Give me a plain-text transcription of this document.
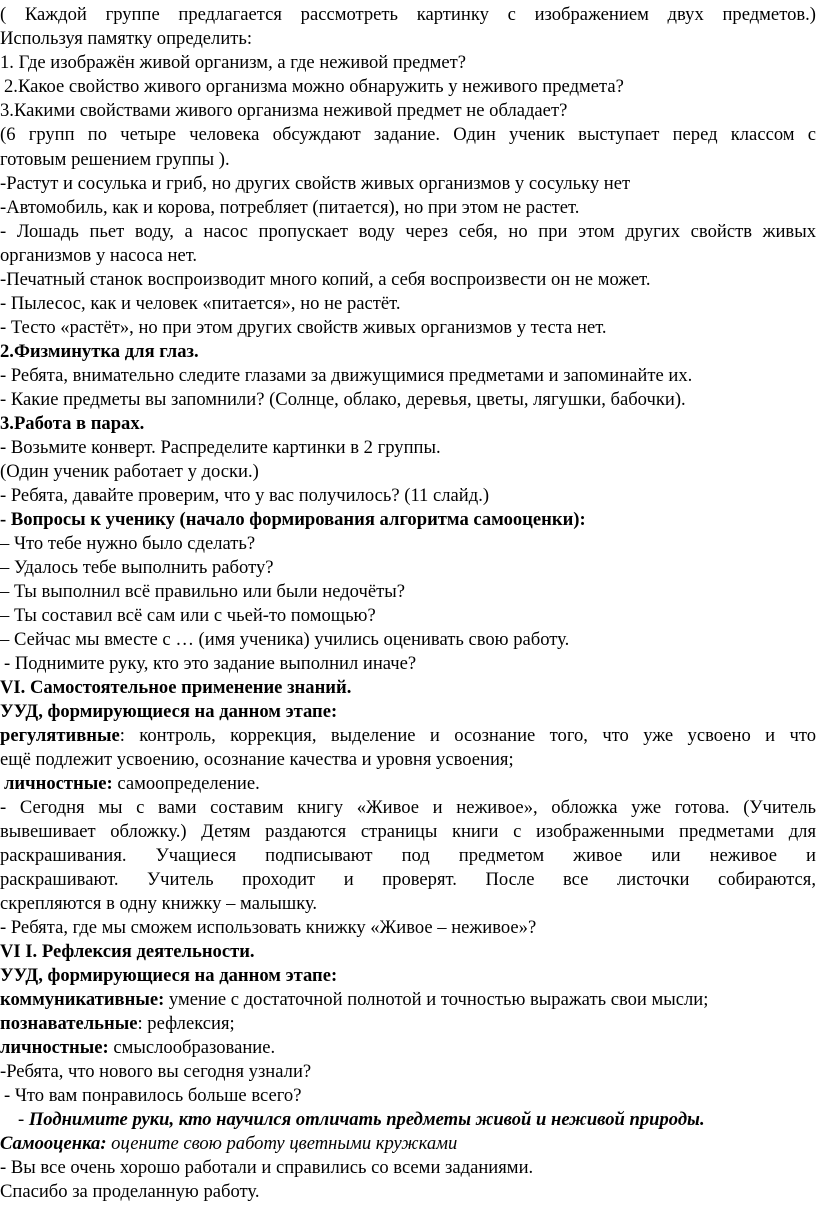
( Каждой группе предлагается рассмотреть картинку с изображением двух предметов.)
Используя памятку определить:
1. Где изображён живой организм, а где неживой предмет?
2.Какое свойство живого организма можно обнаружить у неживого предмета?
3.Какими свойствами живого организма неживой предмет не обладает?
(6 групп по четыре человека обсуждают задание. Один ученик выступает перед классом с
готовым решением группы ).
-Растут и сосулька и гриб, но других свойств живых организмов у сосульку нет
-Автомобиль, как и корова, потребляет (питается), но при этом не растет.
- Лошадь пьет воду, а насос пропускает воду через себя, но при этом других свойств живых
организмов у насоса нет.
-Печатный станок воспроизводит много копий, а себя воспроизвести он не может.
- Пылесос, как и человек «питается», но не растёт.
- Тесто «растёт», но при этом других свойств живых организмов у теста нет.
2.Физминутка для глаз.
- Ребята, внимательно следите глазами за движущимися предметами и запоминайте их.
- Какие предметы вы запомнили? (Солнце, облако, деревья, цветы, лягушки, бабочки).
3.Работа в парах.
- Возьмите конверт. Распределите картинки в 2 группы.
(Один ученик работает у доски.)
- Ребята, давайте проверим, что у вас получилось? (11 слайд.)
- Вопросы к ученику (начало формирования алгоритма самооценки):
– Что тебе нужно было сделать?
– Удалось тебе выполнить работу?
– Ты выполнил всё правильно или были недочёты?
– Ты составил всё сам или с чьей-то помощью?
– Сейчас мы вместе с … (имя ученика) учились оценивать свою работу.
- Поднимите руку, кто это задание выполнил иначе?
VI. Самостоятельное применение знаний.
УУД, формирующиеся на данном этапе:
регулятивные: контроль, коррекция, выделение и осознание того, что уже усвоено и что
ещё подлежит усвоению, осознание качества и уровня усвоения;
личностные: самоопределение.
- Сегодня мы с вами составим книгу «Живое и неживое», обложка уже готова. (Учитель
вывешивает обложку.) Детям раздаются страницы книги с изображенными предметами для
раскрашивания. Учащиеся подписывают под предметом живое или неживое и
раскрашивают. Учитель проходит и проверят. После все листочки собираются,
скрепляются в одну книжку – малышку.
- Ребята, где мы сможем использовать книжку «Живое – неживое»?
VI I. Рефлексия деятельности.
УУД, формирующиеся на данном этапе:
коммуникативные: умение с достаточной полнотой и точностью выражать свои мысли;
познавательные: рефлексия;
личностные: смыслообразование.
-Ребята, что нового вы сегодня узнали?
- Что вам понравилось больше всего?
- Поднимите руки, кто научился отличать предметы живой и неживой природы.
Самооценка: оцените свою работу цветными кружками
- Вы все очень хорошо работали и справились со всеми заданиями.
Спасибо за проделанную работу.
